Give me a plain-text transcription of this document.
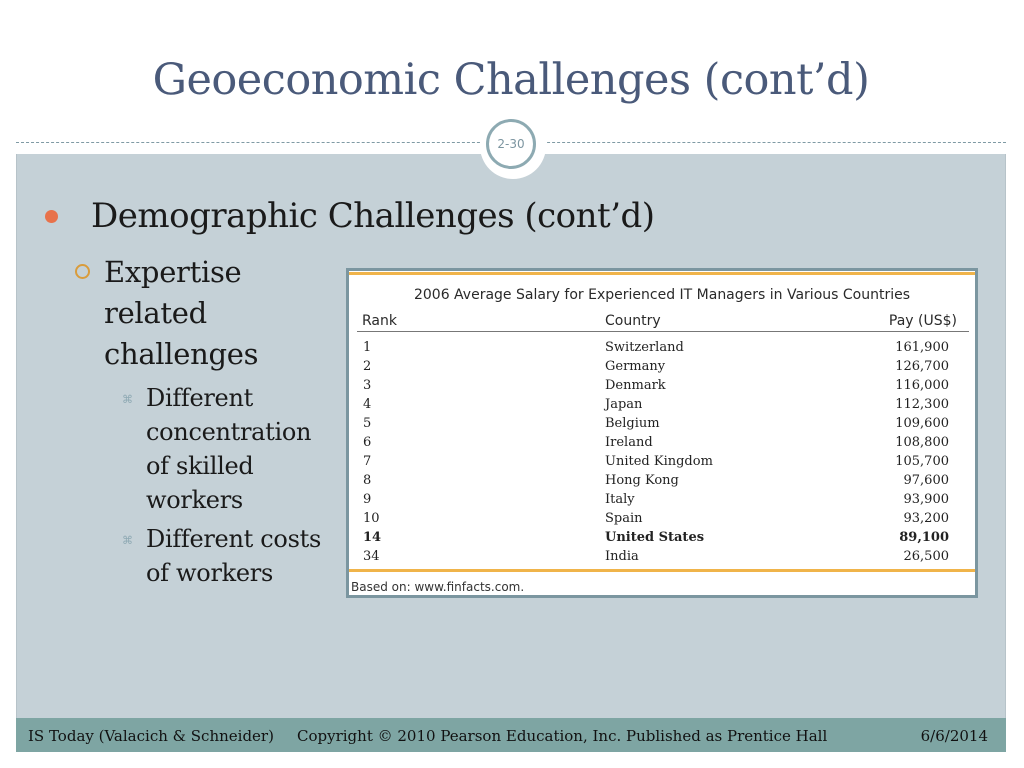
Geoeconomic Challenges (cont’d)
2-30
Demographic Challenges (cont’d)
Expertise related challenges
⌘ Different concentration of skilled workers
⌘ Different costs of workers
2006 Average Salary for Experienced IT Managers in Various Countries
Rank	Country	Pay (US$)
1	Switzerland	161,900
2	Germany	126,700
3	Denmark	116,000
4	Japan	112,300
5	Belgium	109,600
6	Ireland	108,800
7	United Kingdom	105,700
8	Hong Kong	97,600
9	Italy	93,900
10	Spain	93,200
14	United States	89,100
34	India	26,500
Based on: www.finfacts.com.
IS Today (Valacich & Schneider) Copyright © 2010 Pearson Education, Inc. Published as Prentice Hall	6/6/2014
